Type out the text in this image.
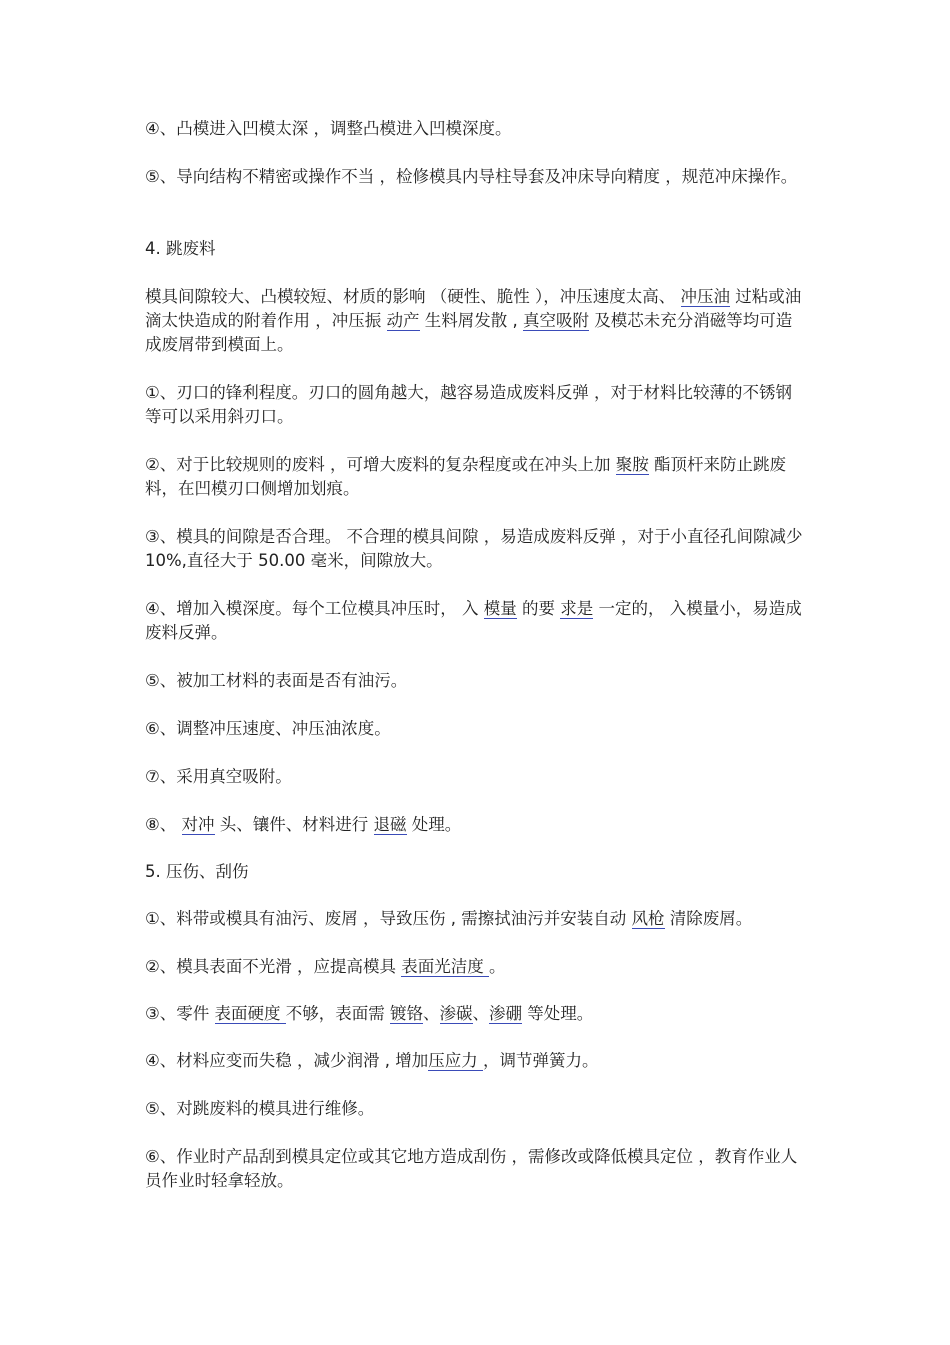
④、凸模进入凹模太深 ，调整凸模进入凹模深度。

⑤、导向结构不精密或操作不当 ，检修模具内导柱导套及冲床导向精度 ，规范冲床操作。

4. 跳废料

模具间隙较大、凸模较短、材质的影响 （硬性、脆性 ），冲压速度太高、 冲压油 过粘或油滴太快造成的附着作用 ，冲压振 动产 生料屑发散 , 真空吸附 及模芯未充分消磁等均可造成废屑带到模面上。

①、刃口的锋利程度。刃口的圆角越大，越容易造成废料反弹 ，对于材料比较薄的不锈钢等可以采用斜刃口。

②、对于比较规则的废料 ，可增大废料的复杂程度或在冲头上加 聚胺 酯顶杆来防止跳废料，在凹模刃口侧增加划痕。

③、模具的间隙是否合理。 不合理的模具间隙 ，易造成废料反弹 ，对于小直径孔间隙减少 10%,直径大于 50.00 毫米，间隙放大。

④、增加入模深度。每个工位模具冲压时， 入 模量 的要 求是 一定的， 入模量小，易造成废料反弹。

⑤、被加工材料的表面是否有油污。

⑥、调整冲压速度、冲压油浓度。

⑦、采用真空吸附。

⑧、 对冲 头、镶件、材料进行 退磁 处理。

5. 压伤、刮伤

①、料带或模具有油污、废屑 ，导致压伤 , 需擦拭油污并安装自动 风枪 清除废屑。

②、模具表面不光滑 ，应提高模具 表面光洁度 。

③、零件 表面硬度 不够，表面需 镀铬、渗碳、渗硼 等处理。

④、材料应变而失稳 ，减少润滑 , 增加压应力 ，调节弹簧力。

⑤、对跳废料的模具进行维修。

⑥、作业时产品刮到模具定位或其它地方造成刮伤 ，需修改或降低模具定位 ，教育作业人员作业时轻拿轻放。
